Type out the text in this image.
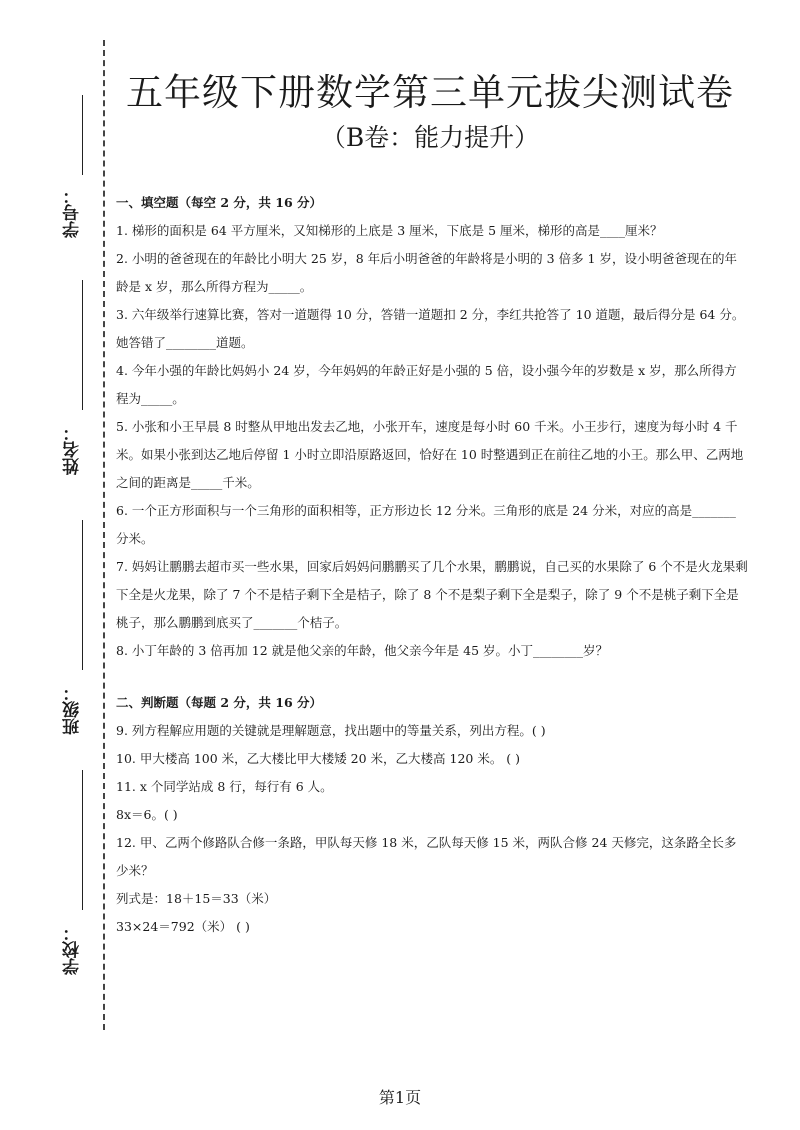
学号：
姓名：
班级：
学校：
五年级下册数学第三单元拔尖测试卷
（B卷：能力提升）
一、填空题（每空 2 分，共 16 分）
1. 梯形的面积是 64 平方厘米，又知梯形的上底是 3 厘米，下底是 5 厘米，梯形的高是____厘米？
2. 小明的爸爸现在的年龄比小明大 25 岁，8 年后小明爸爸的年龄将是小明的 3 倍多 1 岁，设小明爸爸现在的年龄是 x 岁，那么所得方程为_____。
3. 六年级举行速算比赛，答对一道题得 10 分，答错一道题扣 2 分，李红共抢答了 10 道题，最后得分是 64 分。她答错了________道题。
4. 今年小强的年龄比妈妈小 24 岁，今年妈妈的年龄正好是小强的 5 倍，设小强今年的岁数是 x 岁，那么所得方程为_____。
5. 小张和小王早晨 8 时整从甲地出发去乙地，小张开车，速度是每小时 60 千米。小王步行，速度为每小时 4 千米。如果小张到达乙地后停留 1 小时立即沿原路返回，恰好在 10 时整遇到正在前往乙地的小王。那么甲、乙两地之间的距离是_____千米。
6. 一个正方形面积与一个三角形的面积相等，正方形边长 12 分米。三角形的底是 24 分米，对应的高是_______分米。
7. 妈妈让鹏鹏去超市买一些水果，回家后妈妈问鹏鹏买了几个水果，鹏鹏说，自己买的水果除了 6 个不是火龙果剩下全是火龙果，除了 7 个不是桔子剩下全是桔子，除了 8 个不是梨子剩下全是梨子，除了 9 个不是桃子剩下全是桃子，那么鹏鹏到底买了_______个桔子。
8. 小丁年龄的 3 倍再加 12 就是他父亲的年龄，他父亲今年是 45 岁。小丁________岁？
二、判断题（每题 2 分，共 16 分）
9. 列方程解应用题的关键就是理解题意，找出题中的等量关系，列出方程。( )
10. 甲大楼高 100 米，乙大楼比甲大楼矮 20 米，乙大楼高 120 米。 ( )
11. x 个同学站成 8 行，每行有 6 人。
8x＝6。( )
12. 甲、乙两个修路队合修一条路，甲队每天修 18 米，乙队每天修 15 米，两队合修 24 天修完，这条路全长多少米？
列式是：18＋15＝33（米）
33×24＝792（米） ( )
第1页
